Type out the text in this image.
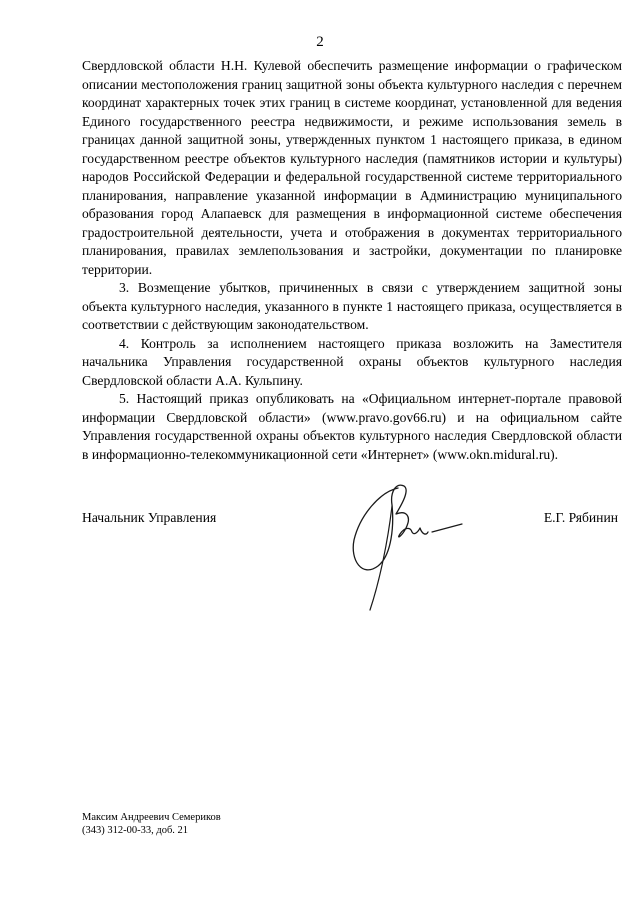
2

Свердловской области Н.Н. Кулевой обеспечить размещение информации о графическом описании местоположения границ защитной зоны объекта культурного наследия с перечнем координат характерных точек этих границ в системе координат, установленной для ведения Единого государственного реестра недвижимости, и режиме использования земель в границах данной защитной зоны, утвержденных пунктом 1 настоящего приказа, в едином государственном реестре объектов культурного наследия (памятников истории и культуры) народов Российской Федерации и федеральной государственной системе территориального планирования, направление указанной информации в Администрацию муниципального образования город Алапаевск для размещения в информационной системе обеспечения градостроительной деятельности, учета и отображения в документах территориального планирования, правилах землепользования и застройки, документации по планировке территории.

3. Возмещение убытков, причиненных в связи с утверждением защитной зоны объекта культурного наследия, указанного в пункте 1 настоящего приказа, осуществляется в соответствии с действующим законодательством.

4. Контроль за исполнением настоящего приказа возложить на Заместителя начальника Управления государственной охраны объектов культурного наследия Свердловской области А.А. Кульпину.

5. Настоящий приказ опубликовать на «Официальном интернет-портале правовой информации Свердловской области» (www.pravo.gov66.ru) и на официальном сайте Управления государственной охраны объектов культурного наследия Свердловской области в информационно-телекоммуникационной сети «Интернет» (www.okn.midural.ru).

Начальник Управления	Е.Г. Рябинин
Максим Андреевич Семериков
(343) 312-00-33, доб. 21
